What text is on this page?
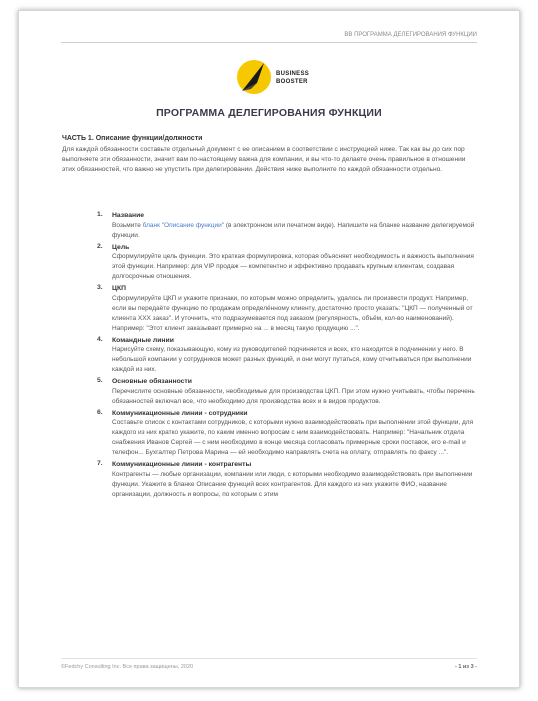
BB ПРОГРАММА ДЕЛЕГИРОВАНИЯ ФУНКЦИИ
BUSINESS
BOOSTER
ПРОГРАММА ДЕЛЕГИРОВАНИЯ ФУНКЦИИ
ЧАСТЬ 1. Описание функции/должности
Для каждой обязанности составьте отдельный документ с ее описанием в соответствии с инструкцией ниже. Так как вы до сих пор выполняете эти обязанности, значит вам по-настоящему важна для компании, и вы что-то делаете очень правильное в отношении этих обязанностей, что важно не упустить при делегировании. Действия ниже выполните по каждой обязанности отдельно.
1. Название
Возьмите бланк "Описание функции" (в электронном или печатном виде). Напишите на бланке название делегируемой функции.
2. Цель
Сформулируйте цель функции. Это краткая формулировка, которая объясняет необходимость и важность выполнения этой функции. Например: для VIP продаж — компетентно и эффективно продавать крупным клиентам, создавая долгосрочные отношения.
3. ЦКП
Сформулируйте ЦКП и укажите признаки, по которым можно определить, удалось ли произвести продукт. Например, если вы передаёте функцию по продажам определённому клиенту, достаточно просто указать: "ЦКП — полученный от клиента ХХХ заказ". И уточнить, что подразумевается под заказом (регулярность, объём, кол-во наименований). Например: "Этот клиент заказывает примерно на ... в месяц такую продукцию ...".
4. Командные линии
Нарисуйте схему, показывающую, кому из руководителей подчиняется и всех, кто находится в подчинении у него. В небольшой компании у сотрудников может разных функций, и они могут путаться, кому отчитываться при выполнении каждой из них.
5. Основные обязанности
Перечислите основные обязанности, необходимые для производства ЦКП. При этом нужно учитывать, чтобы перечень обязанностей включал все, что необходимо для производства всех и в видов продуктов.
6. Коммуникационные линии - сотрудники
Составьте список с контактами сотрудников, с которыми нужно взаимодействовать при выполнении этой функции, для каждого из них кратко укажите, по каким именно вопросам с ним взаимодействовать. Например: "Начальник отдела снабжения Иванов Сергей — с ним необходимо в конце месяца согласовать примерные сроки поставок, его e-mail и телефон... Бухгалтер Петрова Марина — ей необходимо направлять счета на оплату, отправлять по факсу ...".
7. Коммуникационные линии - контрагенты
Контрагенты — любые организации, компании или люди, с которыми необходимо взаимодействовать при выполнении функции. Укажите в бланке Описание функций всех контрагентов. Для каждого из них укажите ФИО, название организации, должность и вопросы, по которым с этим
©Fedchy Consulting Inc. Все права защищены, 2020	- 1 из 3 -
